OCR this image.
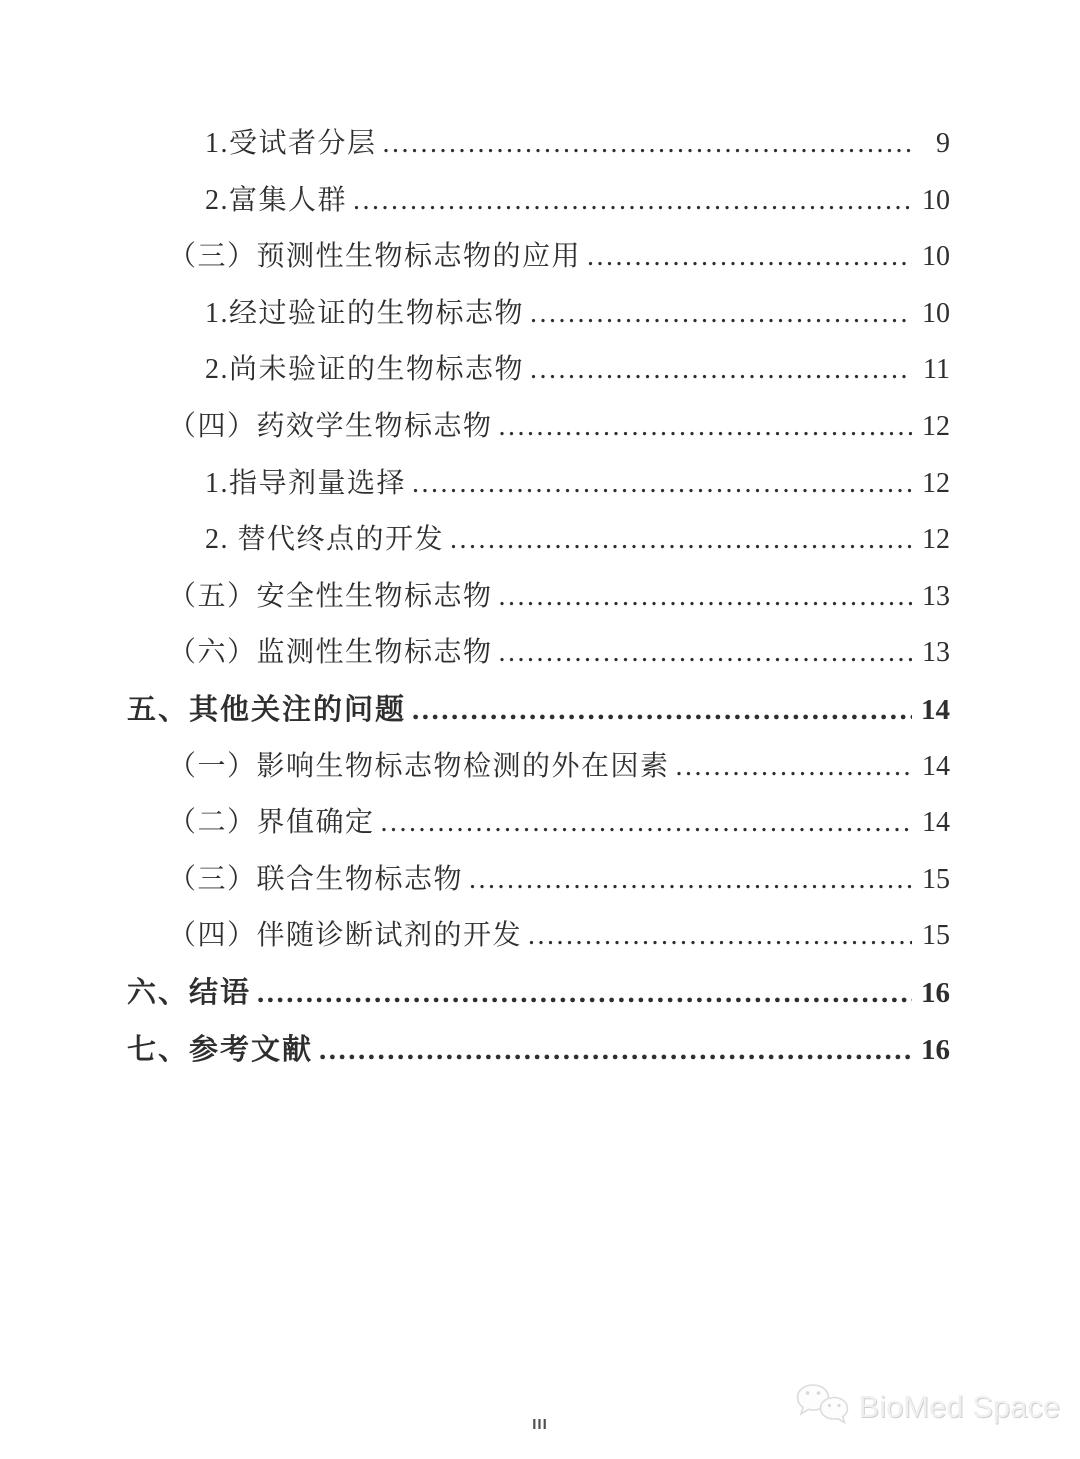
1.受试者分层 .....	9
2.富集人群 .....	10
（三）预测性生物标志物的应用 .....	10
1.经过验证的生物标志物 .....	10
2.尚未验证的生物标志物 .....	11
（四）药效学生物标志物 .....	12
1.指导剂量选择 .....	12
2. 替代终点的开发 .....	12
（五）安全性生物标志物 .....	13
（六）监测性生物标志物 .....	13
五、其他关注的问题 .....	14
（一）影响生物标志物检测的外在因素 .....	14
（二）界值确定 .....	14
（三）联合生物标志物 .....	15
（四）伴随诊断试剂的开发 .....	15
六、结语 .....	16
七、参考文献 .....	16
III
BioMed Space
